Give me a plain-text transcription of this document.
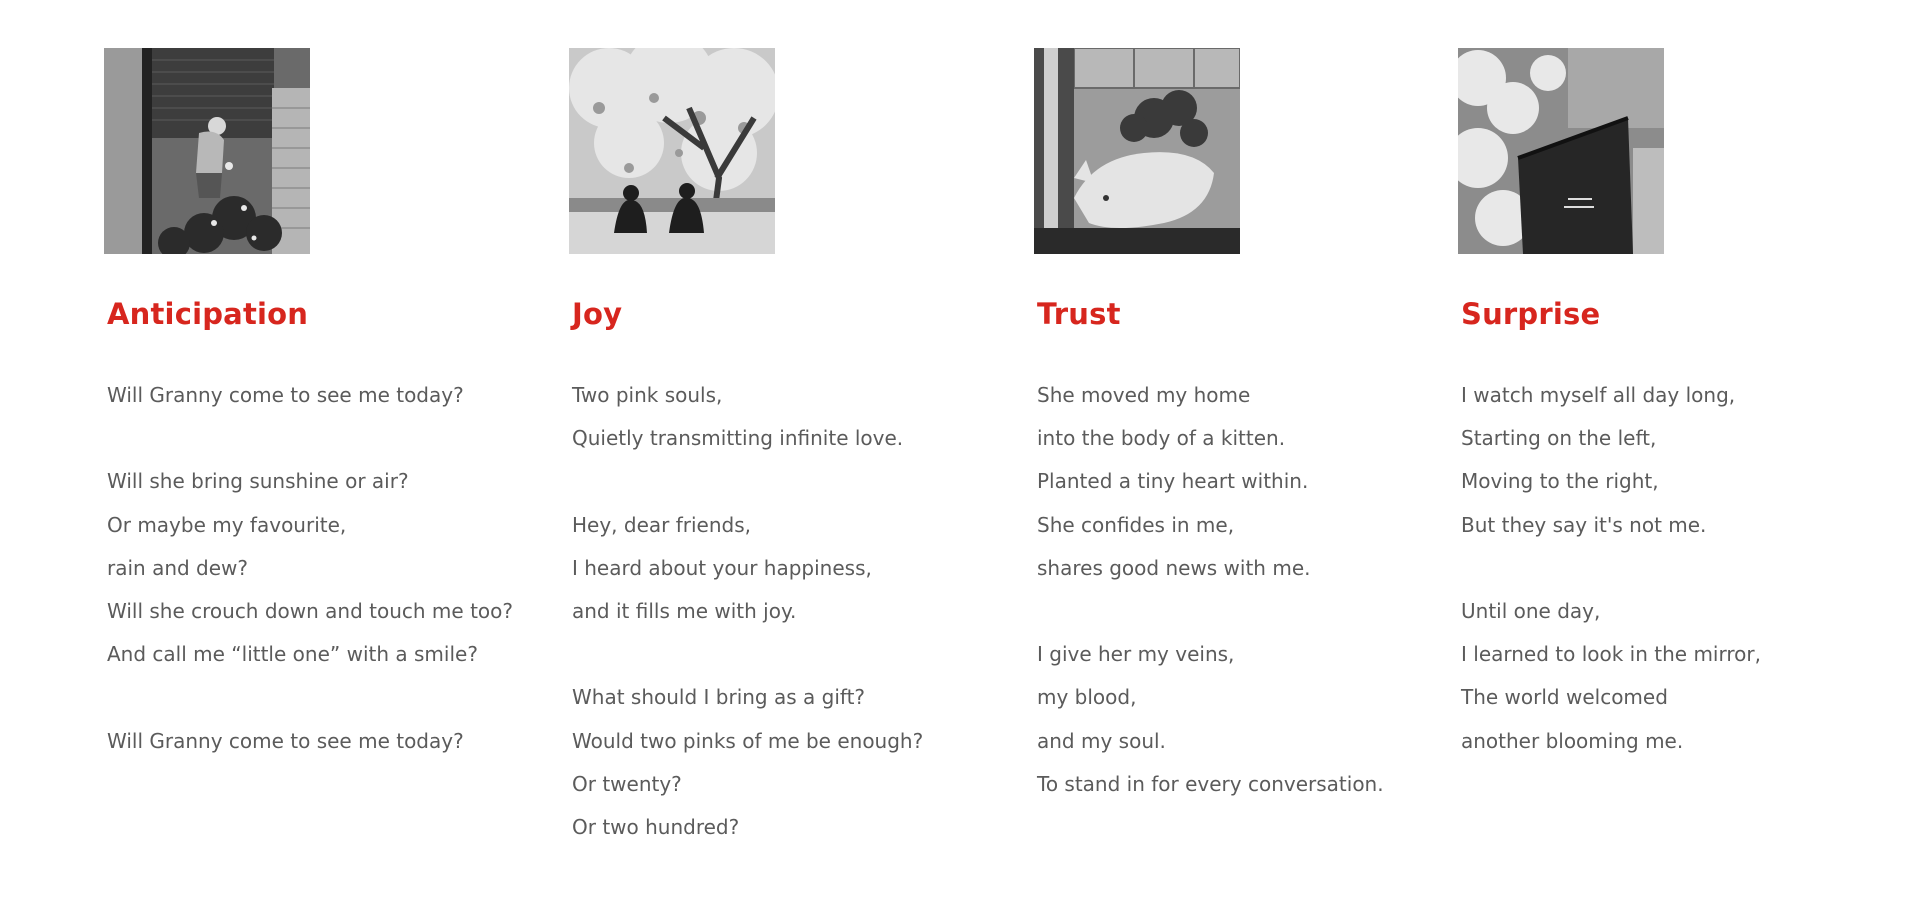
Anticipation
Will Granny come to see me today?
Will she bring sunshine or air?
Or maybe my favourite,
rain and dew?
Will she crouch down and touch me too?
And call me “little one” with a smile?
Will Granny come to see me today?
Joy
Two pink souls,
Quietly transmitting infinite love.
Hey, dear friends,
I heard about your happiness,
and it fills me with joy.
What should I bring as a gift?
Would two pinks of me be enough?
Or twenty?
Or two hundred?
Trust
She moved my home
into the body of a kitten.
Planted a tiny heart within.
She confides in me,
shares good news with me.
I give her my veins,
my blood,
and my soul.
To stand in for every conversation.
Surprise
I watch myself all day long,
Starting on the left,
Moving to the right,
But they say it's not me.
Until one day,
I learned to look in the mirror,
The world welcomed
another blooming me.
